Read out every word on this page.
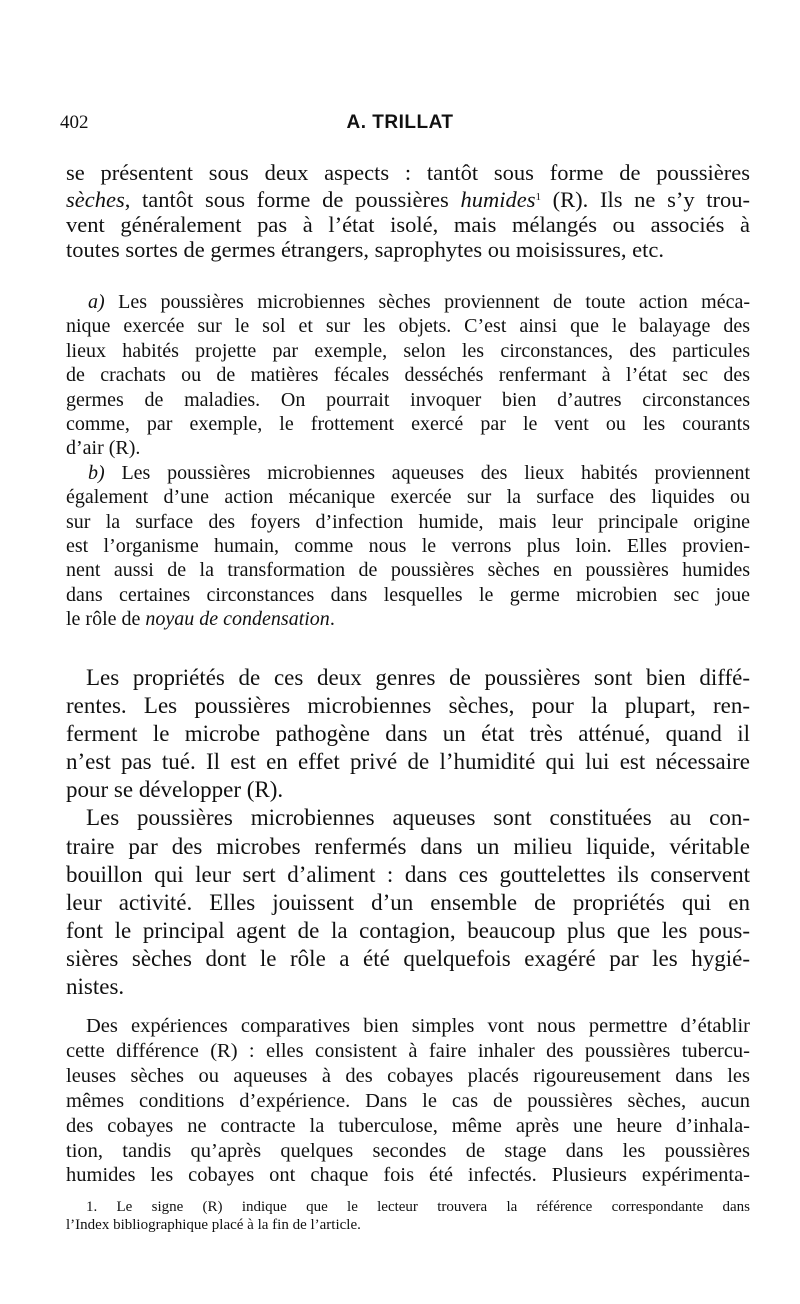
402	A. TRILLAT
se présentent sous deux aspects : tantôt sous forme de poussières
sèches, tantôt sous forme de poussières humides$^1$ (R). Ils ne s’y trou-
vent généralement pas à l’état isolé, mais mélangés ou associés à
toutes sortes de germes étrangers, saprophytes ou moisissures, etc.
a) Les poussières microbiennes sèches proviennent de toute action méca-
nique exercée sur le sol et sur les objets. C’est ainsi que le balayage des
lieux habités projette par exemple, selon les circonstances, des particules
de crachats ou de matières fécales desséchés renfermant à l’état sec des
germes de maladies. On pourrait invoquer bien d’autres circonstances
comme, par exemple, le frottement exercé par le vent ou les courants
d’air (R).
b) Les poussières microbiennes aqueuses des lieux habités proviennent
également d’une action mécanique exercée sur la surface des liquides ou
sur la surface des foyers d’infection humide, mais leur principale origine
est l’organisme humain, comme nous le verrons plus loin. Elles provien-
nent aussi de la transformation de poussières sèches en poussières humides
dans certaines circonstances dans lesquelles le germe microbien sec joue
le rôle de noyau de condensation.
Les propriétés de ces deux genres de poussières sont bien diffé-
rentes. Les poussières microbiennes sèches, pour la plupart, ren-
ferment le microbe pathogène dans un état très atténué, quand il
n’est pas tué. Il est en effet privé de l’humidité qui lui est nécessaire
pour se développer (R).
Les poussières microbiennes aqueuses sont constituées au con-
traire par des microbes renfermés dans un milieu liquide, véritable
bouillon qui leur sert d’aliment : dans ces gouttelettes ils conservent
leur activité. Elles jouissent d’un ensemble de propriétés qui en
font le principal agent de la contagion, beaucoup plus que les pous-
sières sèches dont le rôle a été quelquefois exagéré par les hygié-
nistes.
Des expériences comparatives bien simples vont nous permettre d’établir
cette différence (R) : elles consistent à faire inhaler des poussières tubercu-
leuses sèches ou aqueuses à des cobayes placés rigoureusement dans les
mêmes conditions d’expérience. Dans le cas de poussières sèches, aucun
des cobayes ne contracte la tuberculose, même après une heure d’inhala-
tion, tandis qu’après quelques secondes de stage dans les poussières
humides les cobayes ont chaque fois été infectés. Plusieurs expérimenta-
1. Le signe (R) indique que le lecteur trouvera la référence correspondante dans
l’Index bibliographique placé à la fin de l’article.
